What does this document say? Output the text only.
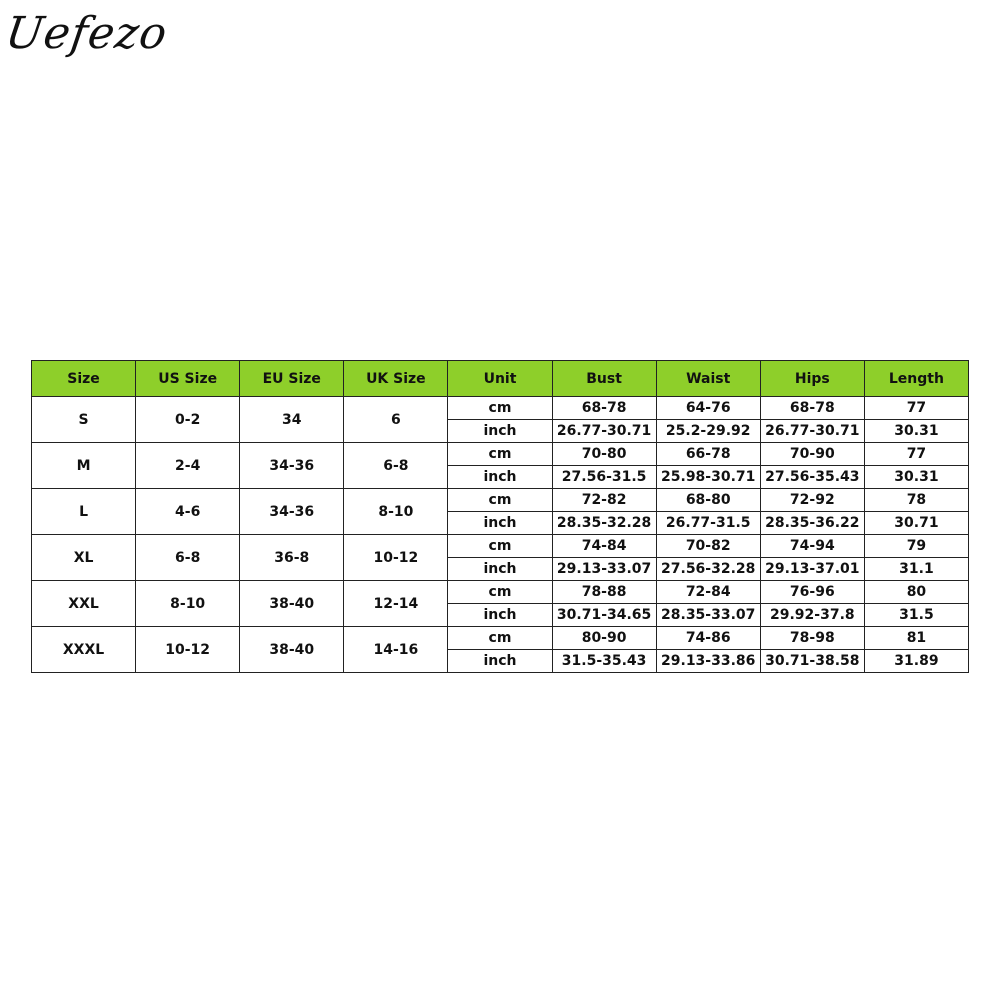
Uefezo
Size	US Size	EU Size	UK Size	Unit	Bust	Waist	Hips	Length
S	0-2	34	6	cm	68-78	64-76	68-78	77
				inch	26.77-30.71	25.2-29.92	26.77-30.71	30.31
M	2-4	34-36	6-8	cm	70-80	66-78	70-90	77
				inch	27.56-31.5	25.98-30.71	27.56-35.43	30.31
L	4-6	34-36	8-10	cm	72-82	68-80	72-92	78
				inch	28.35-32.28	26.77-31.5	28.35-36.22	30.71
XL	6-8	36-8	10-12	cm	74-84	70-82	74-94	79
				inch	29.13-33.07	27.56-32.28	29.13-37.01	31.1
XXL	8-10	38-40	12-14	cm	78-88	72-84	76-96	80
				inch	30.71-34.65	28.35-33.07	29.92-37.8	31.5
XXXL	10-12	38-40	14-16	cm	80-90	74-86	78-98	81
				inch	31.5-35.43	29.13-33.86	30.71-38.58	31.89
